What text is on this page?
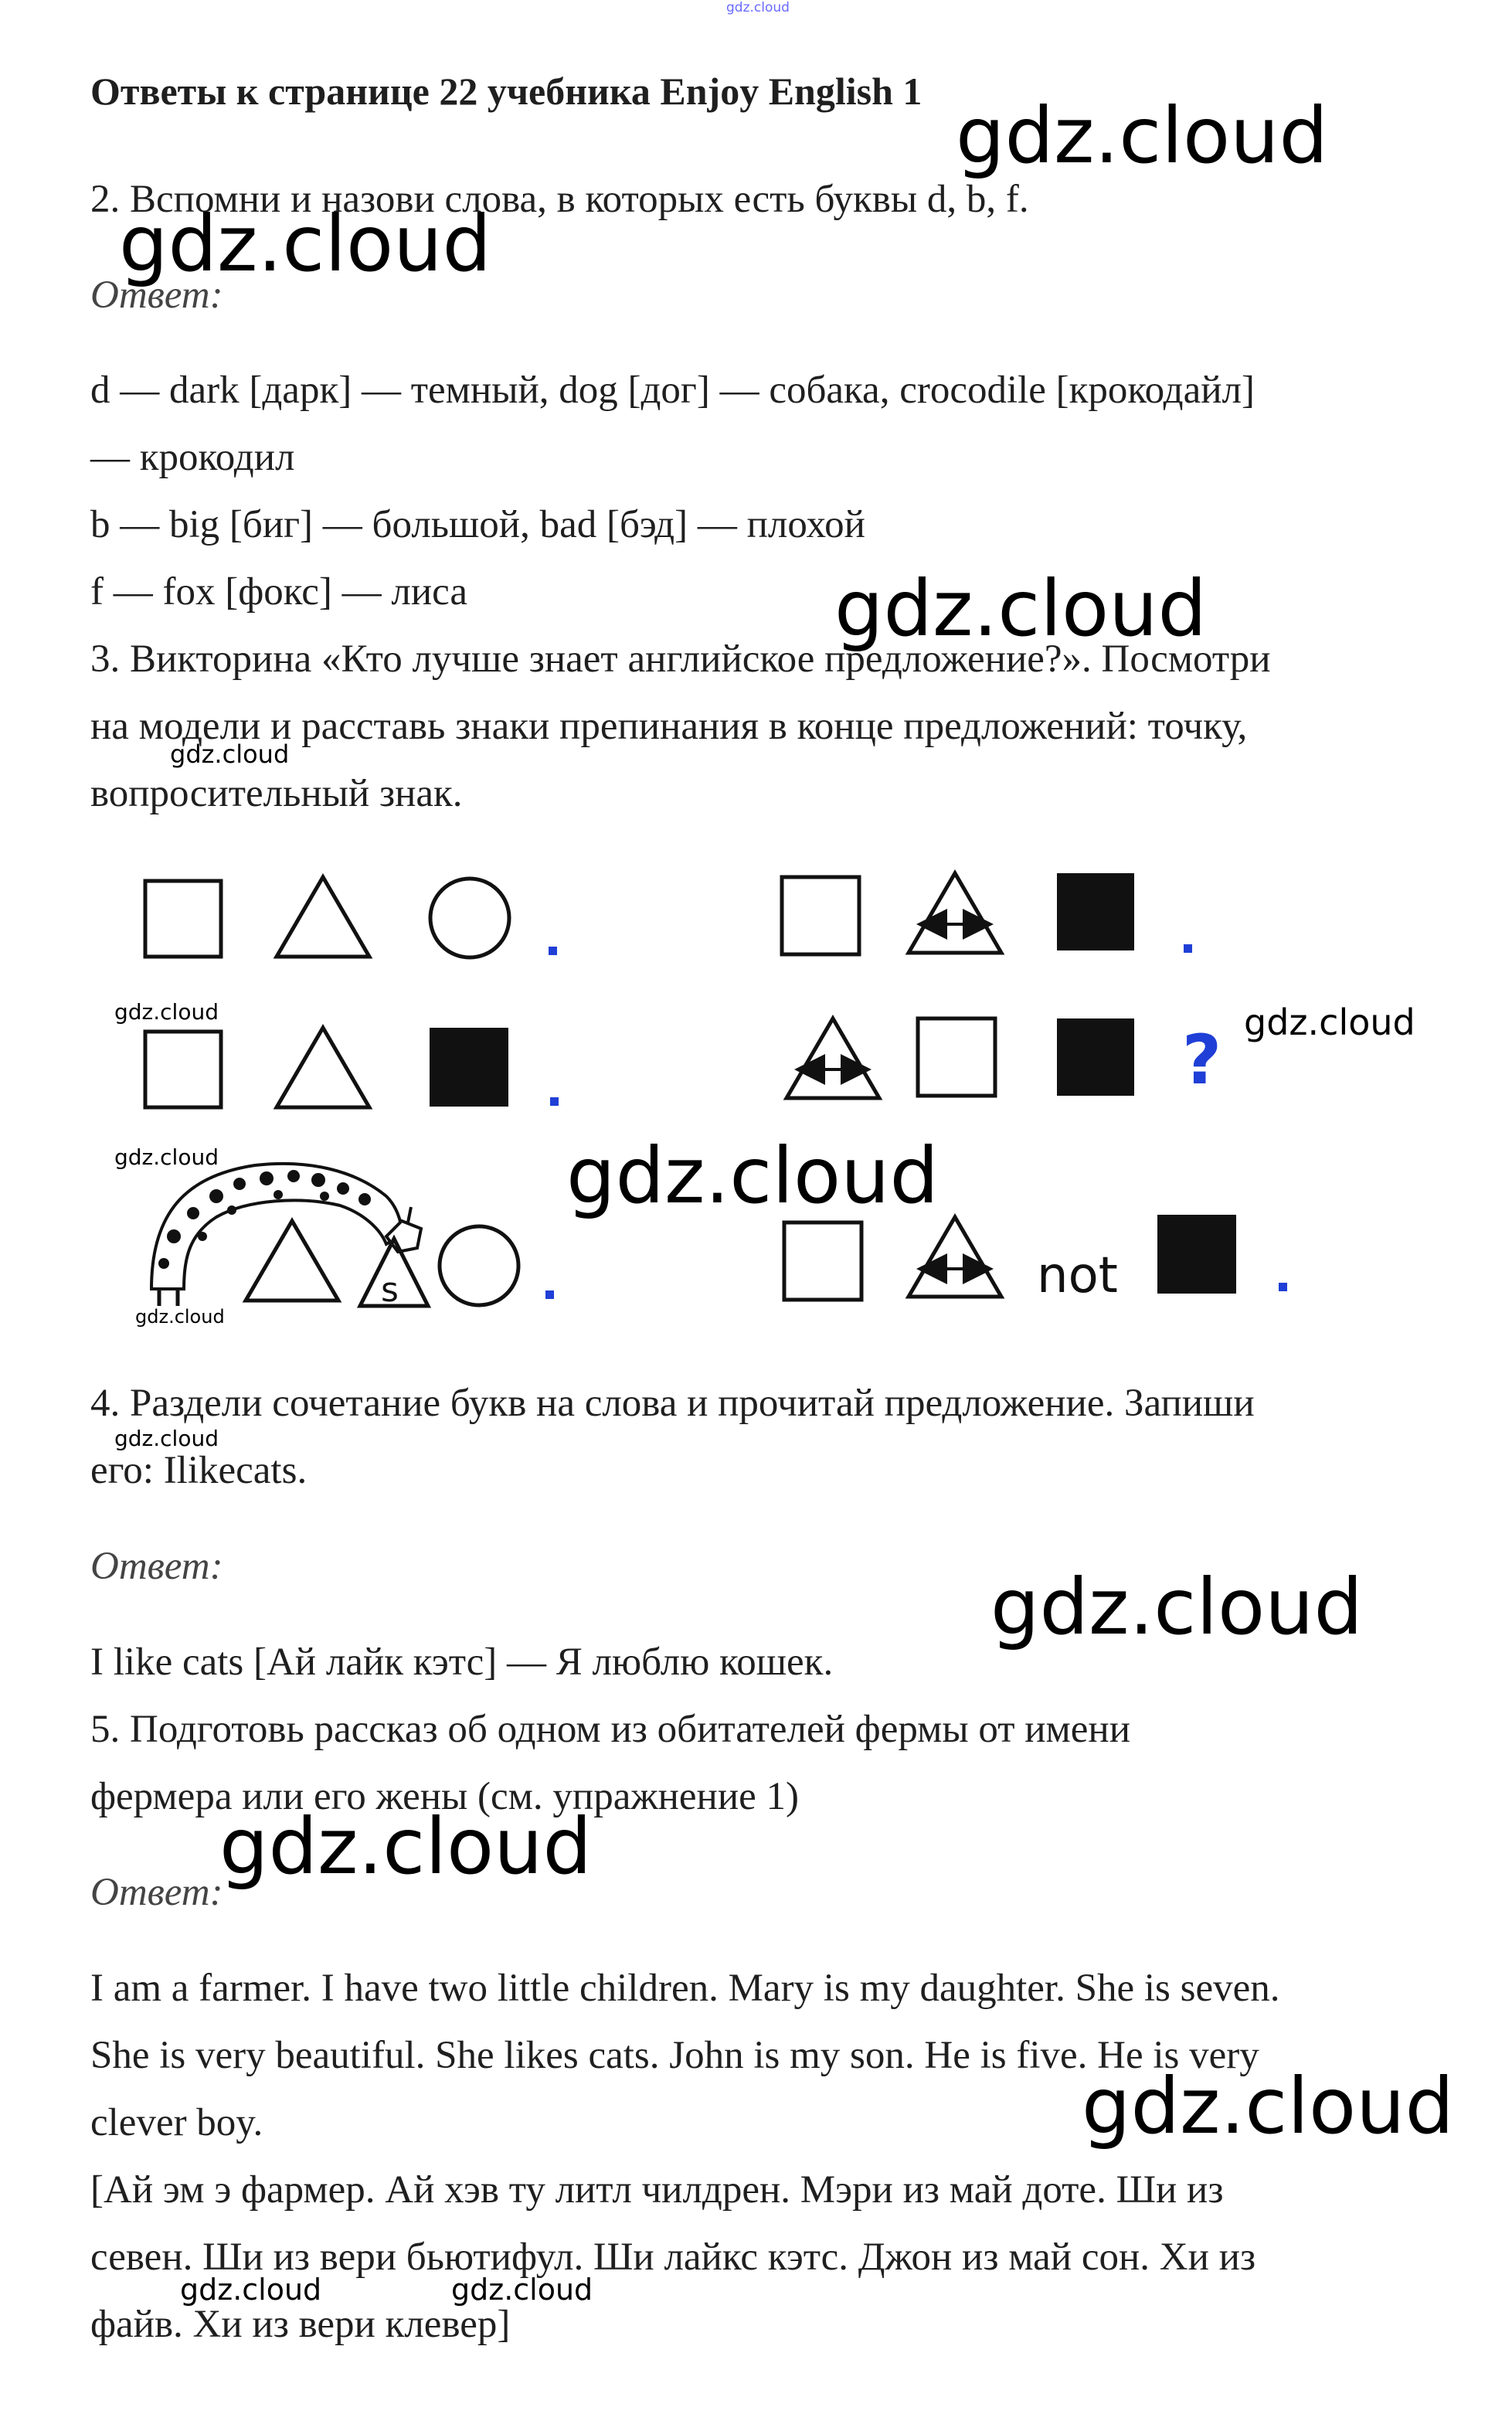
gdz.cloud

Ответы к странице 22 учебника Enjoy English 1

2. Вспомни и назови слова, в которых есть буквы d, b, f.

Ответ:

d — dark [дарк] — темный, dog [дог] — собака, crocodile [крокодайл]

— крокодил

b — big [биг] — большой, bad [бэд] — плохой

f — fox [фокс] — лиса

3. Викторина «Кто лучше знает английское предложение?». Посмотри

на модели и расставь знаки препинания в конце предложений: точку,

вопросительный знак.

?
s	not

4. Раздели сочетание букв на слова и прочитай предложение. Запиши

его: Ilikecats.

Ответ:

I like cats [Ай лайк кэтс] — Я люблю кошек.

5. Подготовь рассказ об одном из обитателей фермы от имени

фермера или его жены (см. упражнение 1)

Ответ:

I am a farmer. I have two little children. Mary is my daughter. She is seven.

She is very beautiful. She likes cats. John is my son. He is five. He is very

clever boy.

[Ай эм э фармер. Ай хэв ту литл чилдрен. Мэри из май доте. Ши из

севен. Ши из вери бьютифул. Ши лайкс кэтс. Джон из май сон. Хи из

файв. Хи из вери клевер]

gdz.cloud
gdz.cloud
gdz.cloud
gdz.cloud
gdz.cloud	gdz.cloud
gdz.cloud	gdz.cloud
gdz.cloud
gdz.cloud
gdz.cloud
gdz.cloud
gdz.cloud
gdz.cloud	gdz.cloud
